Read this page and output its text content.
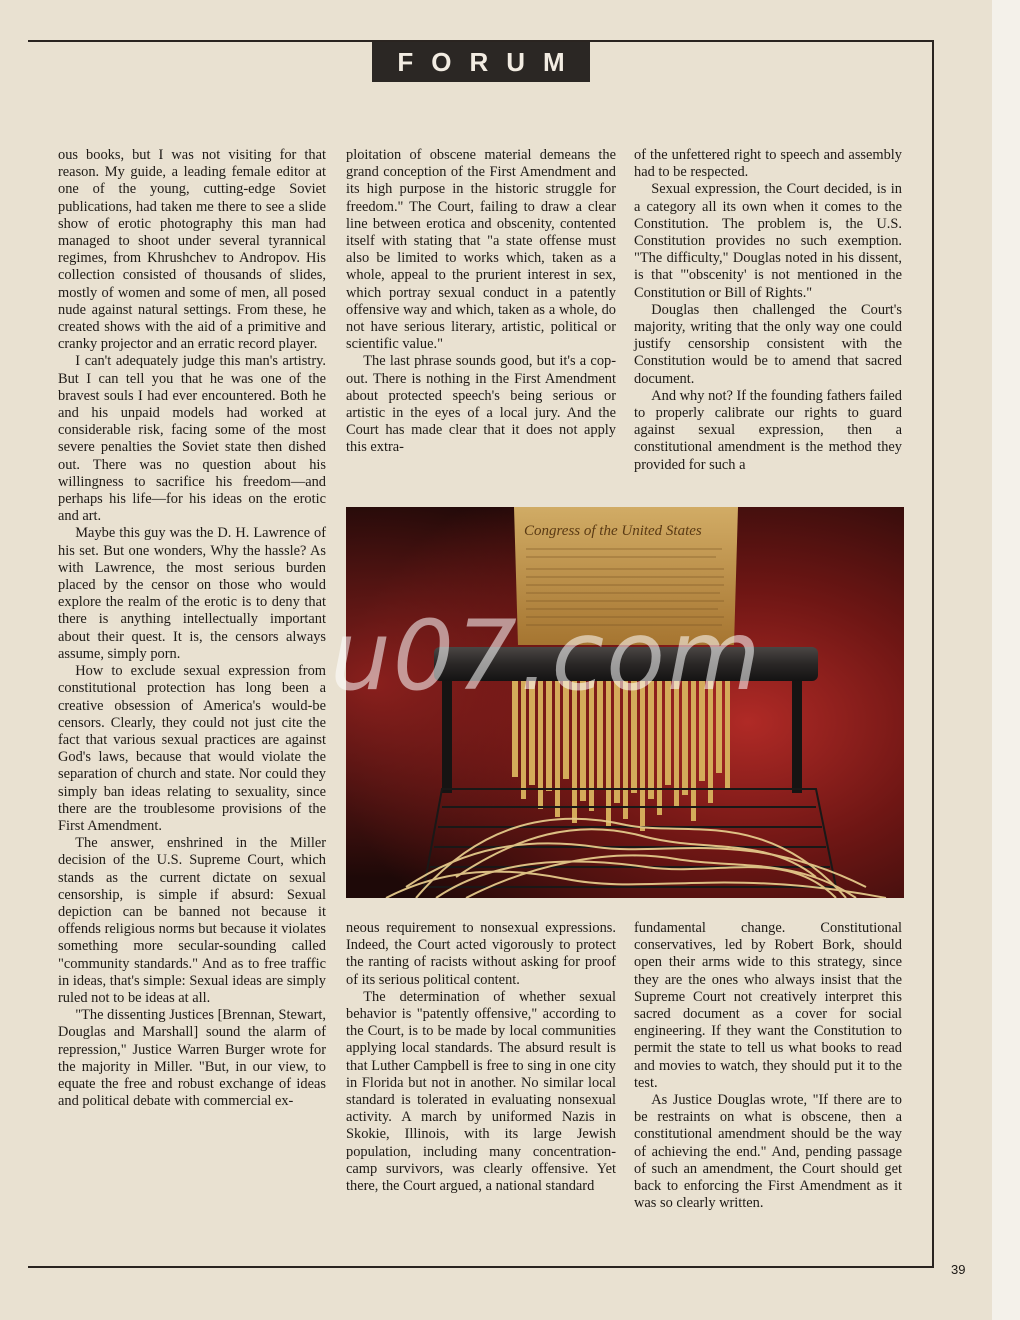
F O R U M

ous books, but I was not visiting for that reason. My guide, a leading female editor at one of the young, cutting-edge Soviet publications, had taken me there to see a slide show of erotic photography this man had managed to shoot under several tyrannical regimes, from Khrushchev to Andropov. His collection consisted of thousands of slides, mostly of women and some of men, all posed nude against natural settings. From these, he created shows with the aid of a primitive and cranky projector and an erratic record player.

I can't adequately judge this man's artistry. But I can tell you that he was one of the bravest souls I had ever encountered. Both he and his unpaid models had worked at considerable risk, facing some of the most severe penalties the Soviet state then dished out. There was no question about his willingness to sacrifice his freedom—and perhaps his life—for his ideas on the erotic and art.

Maybe this guy was the D. H. Lawrence of his set. But one wonders, Why the hassle? As with Lawrence, the most serious burden placed by the censor on those who would explore the realm of the erotic is to deny that there is anything intellectually important about their quest. It is, the censors always assume, simply porn.

How to exclude sexual expression from constitutional protection has long been a creative obsession of America's would-be censors. Clearly, they could not just cite the fact that various sexual practices are against God's laws, because that would violate the separation of church and state. Nor could they simply ban ideas relating to sexuality, since there are the troublesome provisions of the First Amendment.

The answer, enshrined in the Miller decision of the U.S. Supreme Court, which stands as the current dictate on sexual censorship, is simple if absurd: Sexual depiction can be banned not because it offends religious norms but because it violates something more secular-sounding called "community standards." And as to free traffic in ideas, that's simple: Sexual ideas are simply ruled not to be ideas at all.

"The dissenting Justices [Brennan, Stewart, Douglas and Marshall] sound the alarm of repression," Justice Warren Burger wrote for the majority in Miller. "But, in our view, to equate the free and robust exchange of ideas and political debate with commercial ex-

ploitation of obscene material demeans the grand conception of the First Amendment and its high purpose in the historic struggle for freedom." The Court, failing to draw a clear line between erotica and obscenity, contented itself with stating that "a state offense must also be limited to works which, taken as a whole, appeal to the prurient interest in sex, which portray sexual conduct in a patently offensive way and which, taken as a whole, do not have serious literary, artistic, political or scientific value."

The last phrase sounds good, but it's a cop-out. There is nothing in the First Amendment about protected speech's being serious or artistic in the eyes of a local jury. And the Court has made clear that it does not apply this extra-

of the unfettered right to speech and assembly had to be respected.

Sexual expression, the Court decided, is in a category all its own when it comes to the Constitution. The problem is, the U.S. Constitution provides no such exemption. "The difficulty," Douglas noted in his dissent, is that "'obscenity' is not mentioned in the Constitution or Bill of Rights."

Douglas then challenged the Court's majority, writing that the only way one could justify censorship consistent with the Constitution would be to amend that sacred document.

And why not? If the founding fathers failed to properly calibrate our rights to guard against sexual expression, then a constitutional amendment is the method they provided for such a

Congress of the United States

neous requirement to nonsexual expressions. Indeed, the Court acted vigorously to protect the ranting of racists without asking for proof of its serious political content.

The determination of whether sexual behavior is "patently offensive," according to the Court, is to be made by local communities applying local standards. The absurd result is that Luther Campbell is free to sing in one city in Florida but not in another. No similar local standard is tolerated in evaluating nonsexual activity. A march by uniformed Nazis in Skokie, Illinois, with its large Jewish population, including many concentration-camp survivors, was clearly offensive. Yet there, the Court argued, a national standard

fundamental change. Constitutional conservatives, led by Robert Bork, should open their arms wide to this strategy, since they are the ones who always insist that the Supreme Court not creatively interpret this sacred document as a cover for social engineering. If they want the Constitution to permit the state to tell us what books to read and movies to watch, they should put it to the test.

As Justice Douglas wrote, "If there are to be restraints on what is obscene, then a constitutional amendment should be the way of achieving the end." And, pending passage of such an amendment, the Court should get back to enforcing the First Amendment as it was so clearly written.

u07.com
39
